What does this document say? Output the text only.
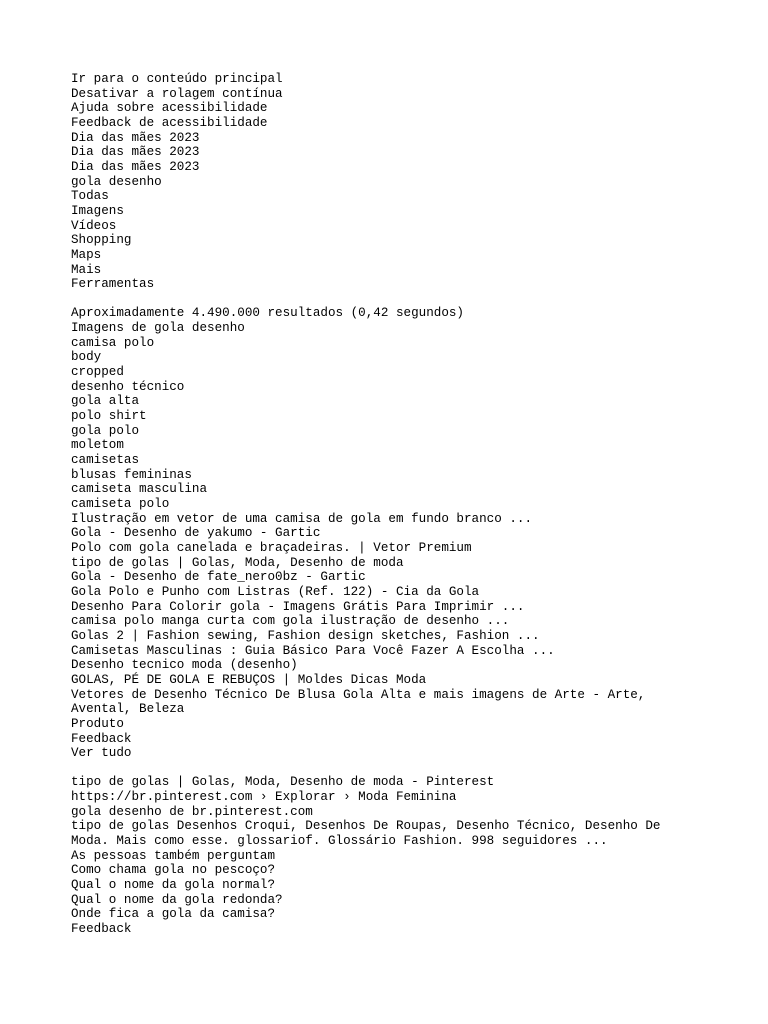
Ir para o conteúdo principal
Desativar a rolagem contínua
Ajuda sobre acessibilidade
Feedback de acessibilidade
Dia das mães 2023
Dia das mães 2023
Dia das mães 2023
gola desenho
Todas
Imagens
Vídeos
Shopping
Maps
Mais
Ferramentas
Aproximadamente 4.490.000 resultados (0,42 segundos)
Imagens de gola desenho
camisa polo
body
cropped
desenho técnico
gola alta
polo shirt
gola polo
moletom
camisetas
blusas femininas
camiseta masculina
camiseta polo
Ilustração em vetor de uma camisa de gola em fundo branco ...
Gola - Desenho de yakumo - Gartic
Polo com gola canelada e braçadeiras. | Vetor Premium
tipo de golas | Golas, Moda, Desenho de moda
Gola - Desenho de fate_nero0bz - Gartic
Gola Polo e Punho com Listras (Ref. 122) - Cia da Gola
Desenho Para Colorir gola - Imagens Grátis Para Imprimir ...
camisa polo manga curta com gola ilustração de desenho ...
Golas 2 | Fashion sewing, Fashion design sketches, Fashion ...
Camisetas Masculinas : Guia Básico Para Você Fazer A Escolha ...
Desenho tecnico moda (desenho)
GOLAS, PÉ DE GOLA E REBUÇOS | Moldes Dicas Moda
Vetores de Desenho Técnico De Blusa Gola Alta e mais imagens de Arte - Arte, Avental, Beleza
Produto
Feedback
Ver tudo
tipo de golas | Golas, Moda, Desenho de moda - Pinterest
https://br.pinterest.com › Explorar › Moda Feminina
gola desenho de br.pinterest.com
tipo de golas Desenhos Croqui, Desenhos De Roupas, Desenho Técnico, Desenho De Moda. Mais como esse. glossariof. Glossário Fashion. 998 seguidores ...
As pessoas também perguntam
Como chama gola no pescoço?
Qual o nome da gola normal?
Qual o nome da gola redonda?
Onde fica a gola da camisa?
Feedback
